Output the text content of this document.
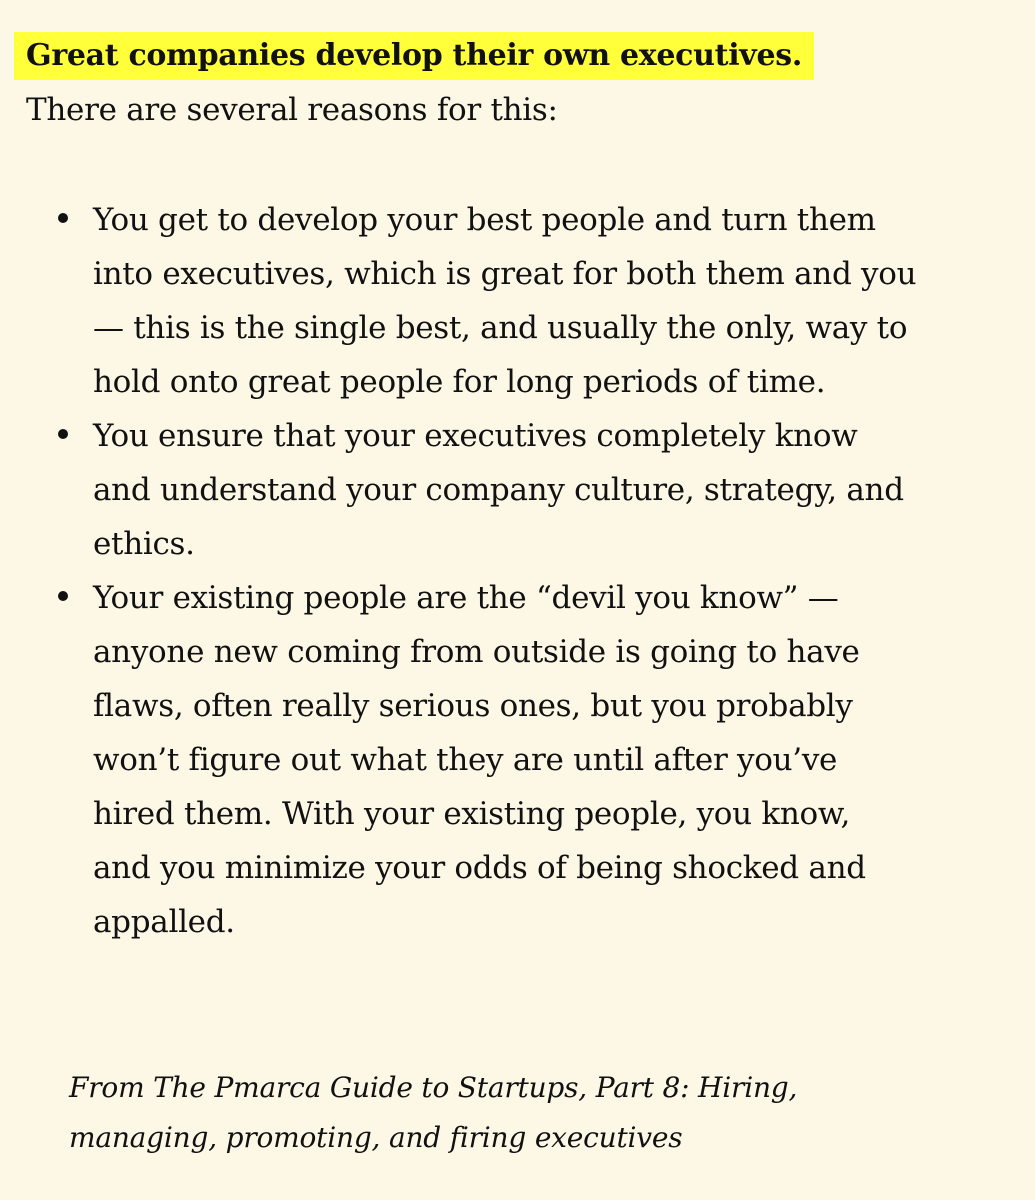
Great companies develop their own executives.
There are several reasons for this:
You get to develop your best people and turn them
into executives, which is great for both them and you
— this is the single best, and usually the only, way to
hold onto great people for long periods of time.
You ensure that your executives completely know
and understand your company culture, strategy, and
ethics.
Your existing people are the “devil you know” —
anyone new coming from outside is going to have
flaws, often really serious ones, but you probably
won’t figure out what they are until after you’ve
hired them. With your existing people, you know,
and you minimize your odds of being shocked and
appalled.
From The Pmarca Guide to Startups, Part 8: Hiring,
managing, promoting, and firing executives
